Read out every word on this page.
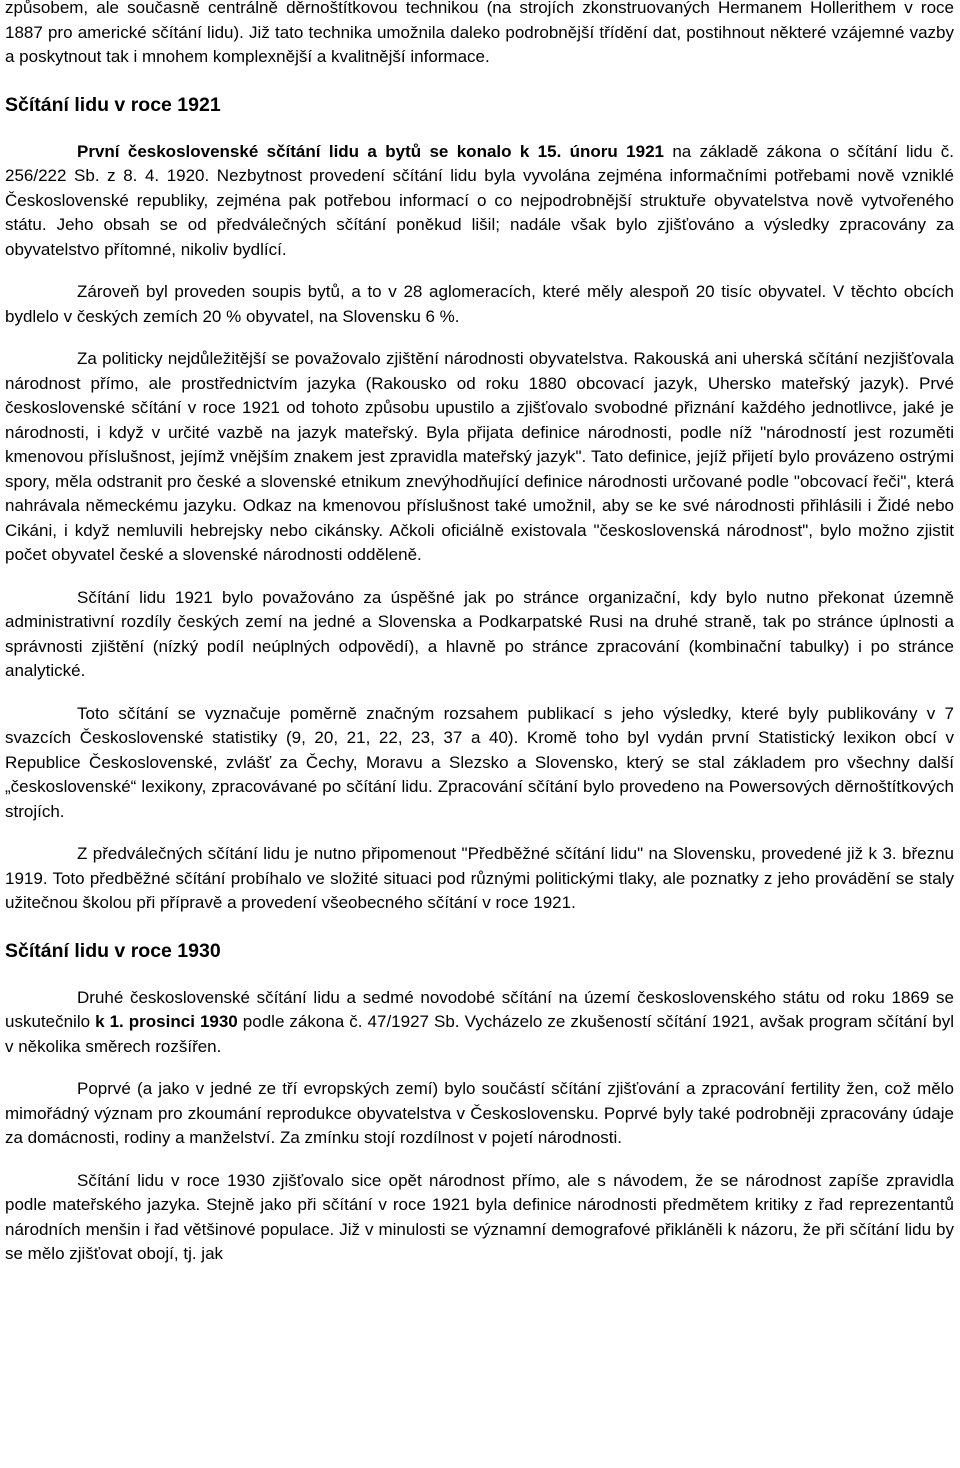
způsobem, ale současně centrálně děrnoštítkovou technikou (na strojích zkonstruovaných Hermanem Hollerithem v roce 1887 pro americké sčítání lidu). Již tato technika umožnila daleko podrobnější třídění dat, postihnout některé vzájemné vazby a poskytnout tak i mnohem komplexnější a kvalitnější informace.

Sčítání lidu v roce 1921

První československé sčítání lidu a bytů se konalo k 15. únoru 1921 na základě zákona o sčítání lidu č. 256/222 Sb. z 8. 4. 1920. Nezbytnost provedení sčítání lidu byla vyvolána zejména informačními potřebami nově vzniklé Československé republiky, zejména pak potřebou informací o co nejpodrobnější struktuře obyvatelstva nově vytvořeného státu. Jeho obsah se od předválečných sčítání poněkud lišil; nadále však bylo zjišťováno a výsledky zpracovány za obyvatelstvo přítomné, nikoliv bydlící.

Zároveň byl proveden soupis bytů, a to v 28 aglomeracích, které měly alespoň 20 tisíc obyvatel. V těchto obcích bydlelo v českých zemích 20 % obyvatel, na Slovensku 6 %.

Za politicky nejdůležitější se považovalo zjištění národnosti obyvatelstva. Rakouská ani uherská sčítání nezjišťovala národnost přímo, ale prostřednictvím jazyka (Rakousko od roku 1880 obcovací jazyk, Uhersko mateřský jazyk). Prvé československé sčítání v roce 1921 od tohoto způsobu upustilo a zjišťovalo svobodné přiznání každého jednotlivce, jaké je národnosti, i když v určité vazbě na jazyk mateřský. Byla přijata definice národnosti, podle níž "národností jest rozuměti kmenovou příslušnost, jejímž vnějším znakem jest zpravidla mateřský jazyk". Tato definice, jejíž přijetí bylo provázeno ostrými spory, měla odstranit pro české a slovenské etnikum znevýhodňující definice národnosti určované podle "obcovací řeči", která nahrávala německému jazyku. Odkaz na kmenovou příslušnost také umožnil, aby se ke své národnosti přihlásili i Židé nebo Cikáni, i když nemluvili hebrejsky nebo cikánsky. Ačkoli oficiálně existovala "československá národnost", bylo možno zjistit počet obyvatel české a slovenské národnosti odděleně.

Sčítání lidu 1921 bylo považováno za úspěšné jak po stránce organizační, kdy bylo nutno překonat územně administrativní rozdíly českých zemí na jedné a Slovenska a Podkarpatské Rusi na druhé straně, tak po stránce úplnosti a správnosti zjištění (nízký podíl neúplných odpovědí), a hlavně po stránce zpracování (kombinační tabulky) i po stránce analytické.

Toto sčítání se vyznačuje poměrně značným rozsahem publikací s jeho výsledky, které byly publikovány v 7 svazcích Československé statistiky (9, 20, 21, 22, 23, 37 a 40). Kromě toho byl vydán první Statistický lexikon obcí v Republice Československé, zvlášť za Čechy, Moravu a Slezsko a Slovensko, který se stal základem pro všechny další „československé“ lexikony, zpracovávané po sčítání lidu. Zpracování sčítání bylo provedeno na Powersových děrnoštítkových strojích.

Z předválečných sčítání lidu je nutno připomenout "Předběžné sčítání lidu" na Slovensku, provedené již k 3. březnu 1919. Toto předběžné sčítání probíhalo ve složité situaci pod různými politickými tlaky, ale poznatky z jeho provádění se staly užitečnou školou při přípravě a provedení všeobecného sčítání v roce 1921.

Sčítání lidu v roce 1930

Druhé československé sčítání lidu a sedmé novodobé sčítání na území československého státu od roku 1869 se uskutečnilo k 1. prosinci 1930 podle zákona č. 47/1927 Sb. Vycházelo ze zkušeností sčítání 1921, avšak program sčítání byl v několika směrech rozšířen.

Poprvé (a jako v jedné ze tří evropských zemí) bylo součástí sčítání zjišťování a zpracování fertility žen, což mělo mimořádný význam pro zkoumání reprodukce obyvatelstva v Československu. Poprvé byly také podrobněji zpracovány údaje za domácnosti, rodiny a manželství. Za zmínku stojí rozdílnost v pojetí národnosti.

Sčítání lidu v roce 1930 zjišťovalo sice opět národnost přímo, ale s návodem, že se národnost zapíše zpravidla podle mateřského jazyka. Stejně jako při sčítání v roce 1921 byla definice národnosti předmětem kritiky z řad reprezentantů národních menšin i řad většinové populace. Již v minulosti se významní demografové přikláněli k názoru, že při sčítání lidu by se mělo zjišťovat obojí, tj. jak
